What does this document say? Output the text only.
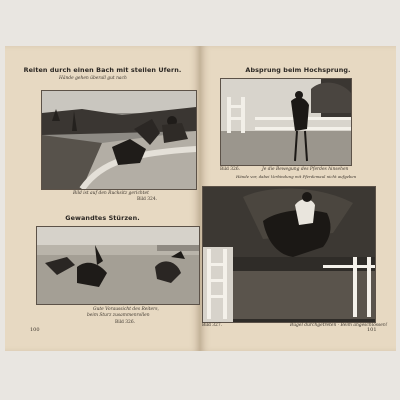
Reiten durch einen Bach mit steilen Ufern.
Hände gehen überall gut nach
Bild ist auf den Rucksitz gerichtet
Bild 324.
Gewandtes Stürzen.
Gute Voraussicht des Reiters,
beim Sturz zusammenrollen
Bild 326.
100
Absprung beim Hochsprung.
Bild 326.	Je die Bewegung des Pferdes hinsehen
Hände vor, dabei Verbindung mit Pferdemaul nicht aufgeben
Bild 327.	Bügel durchgetreten · Beim angeschlossen!
101
